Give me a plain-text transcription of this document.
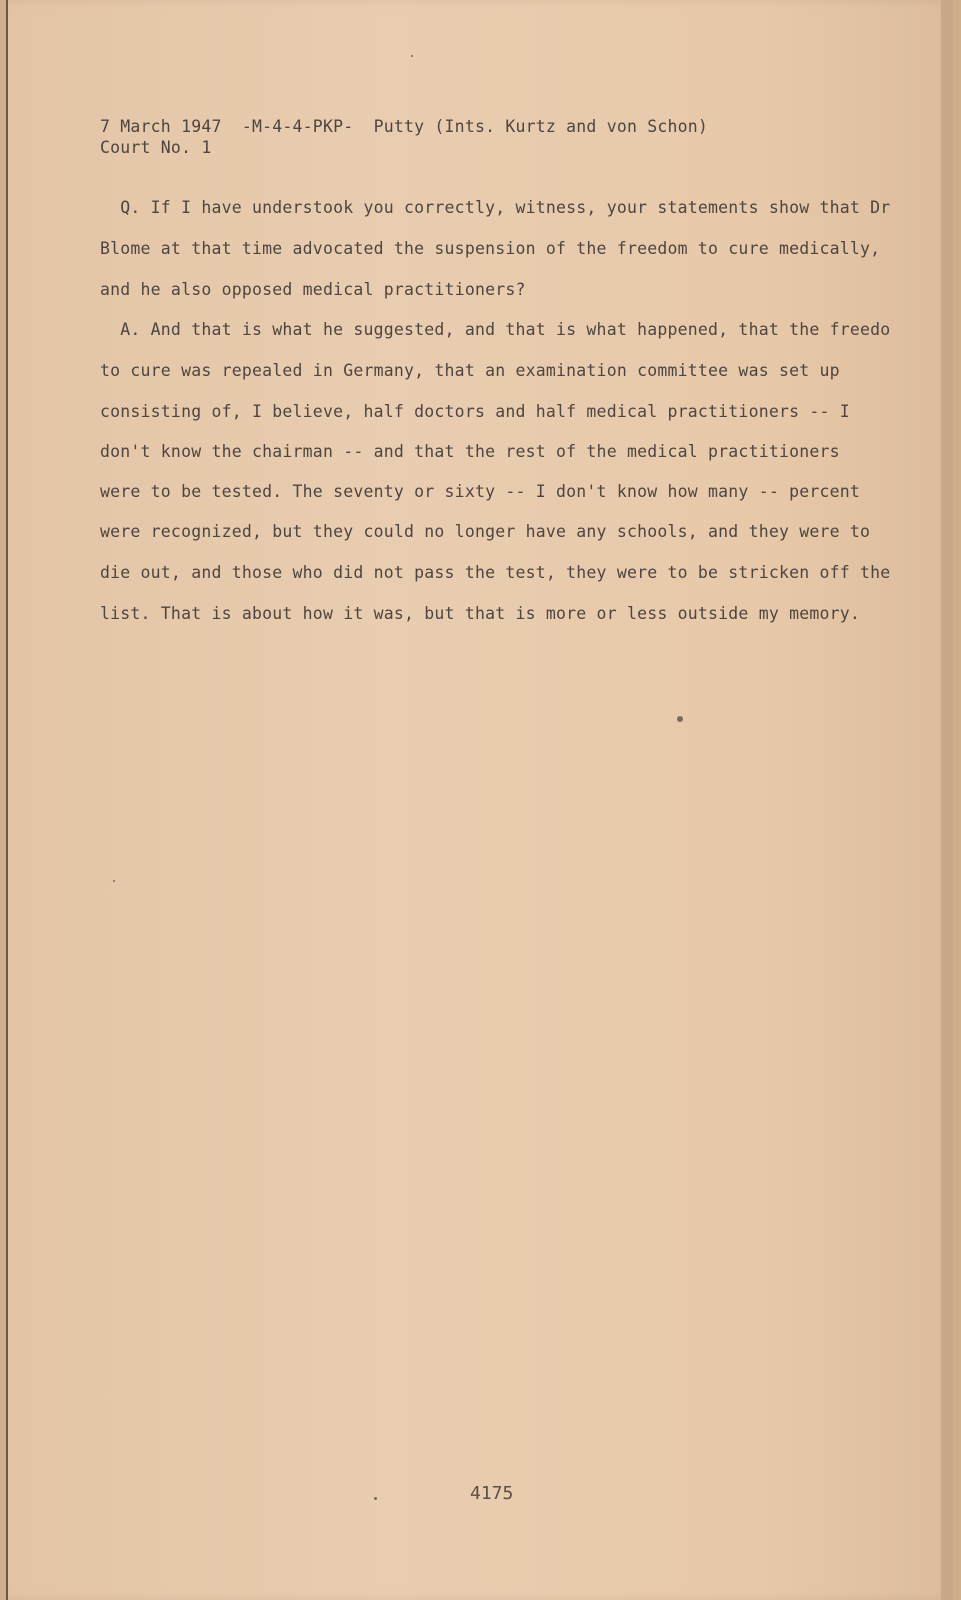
7 March 1947  -M-4-4-PKP-  Putty (Ints. Kurtz and von Schon)
Court No. 1
Q. If I have understook you correctly, witness, your statements show that Dr
Blome at that time advocated the suspension of the freedom to cure medically,
and he also opposed medical practitioners?
A. And that is what he suggested, and that is what happened, that the freedo
to cure was repealed in Germany, that an examination committee was set up
consisting of, I believe, half doctors and half medical practitioners -- I
don't know the chairman -- and that the rest of the medical practitioners
were to be tested. The seventy or sixty -- I don't know how many -- percent
were recognized, but they could no longer have any schools, and they were to
die out, and those who did not pass the test, they were to be stricken off the
list. That is about how it was, but that is more or less outside my memory.
4175
